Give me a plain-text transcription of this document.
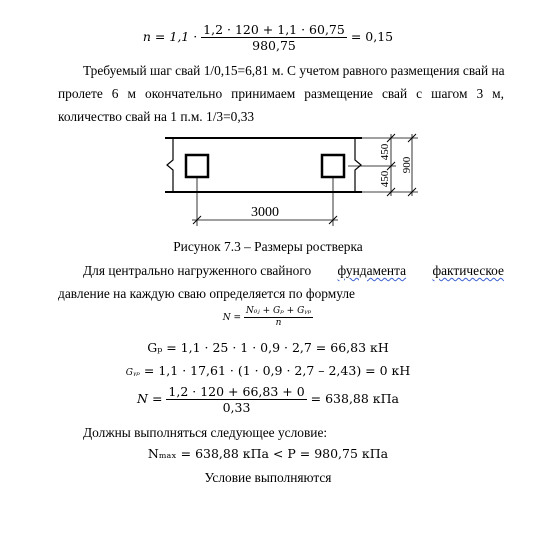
$n = 1,1 \cdot \frac{1,2 \cdot 120 + 1,1 \cdot 60,75}{980,75} = 0,15$
Требуемый шаг свай 1/0,15=6,81 м. С учетом равного размещения свай на
пролете 6 м окончательно принимаем размещение свай с шагом 3 м,
количество свай на 1 п.м. 1/3=0,33
3000
450
450
900
Рисунок 7.3 – Размеры ростверка
Для центрально нагруженного свайного фундамента фактическое
давление на каждую сваю определяется по формуле
$N = \frac{\text{N₀ⱼ + Gₚ + Gᵧₚ}}{n}$
Gₚ = 1,1 · 25 · 1 · 0,9 · 2,7 = 66,83 кН
Gᵧₚ = 1,1 · 17,61 · (1 · 0,9 · 2,7 – 2,43) = 0 кН
$N = \frac{1,2 \cdot 120 + 66,83 + 0}{0,33} = 638,88$ кПа
Должны выполняться следующее условие:
Nₘₐₓ = 638,88 кПа < P = 980,75 кПа
Условие выполняются
